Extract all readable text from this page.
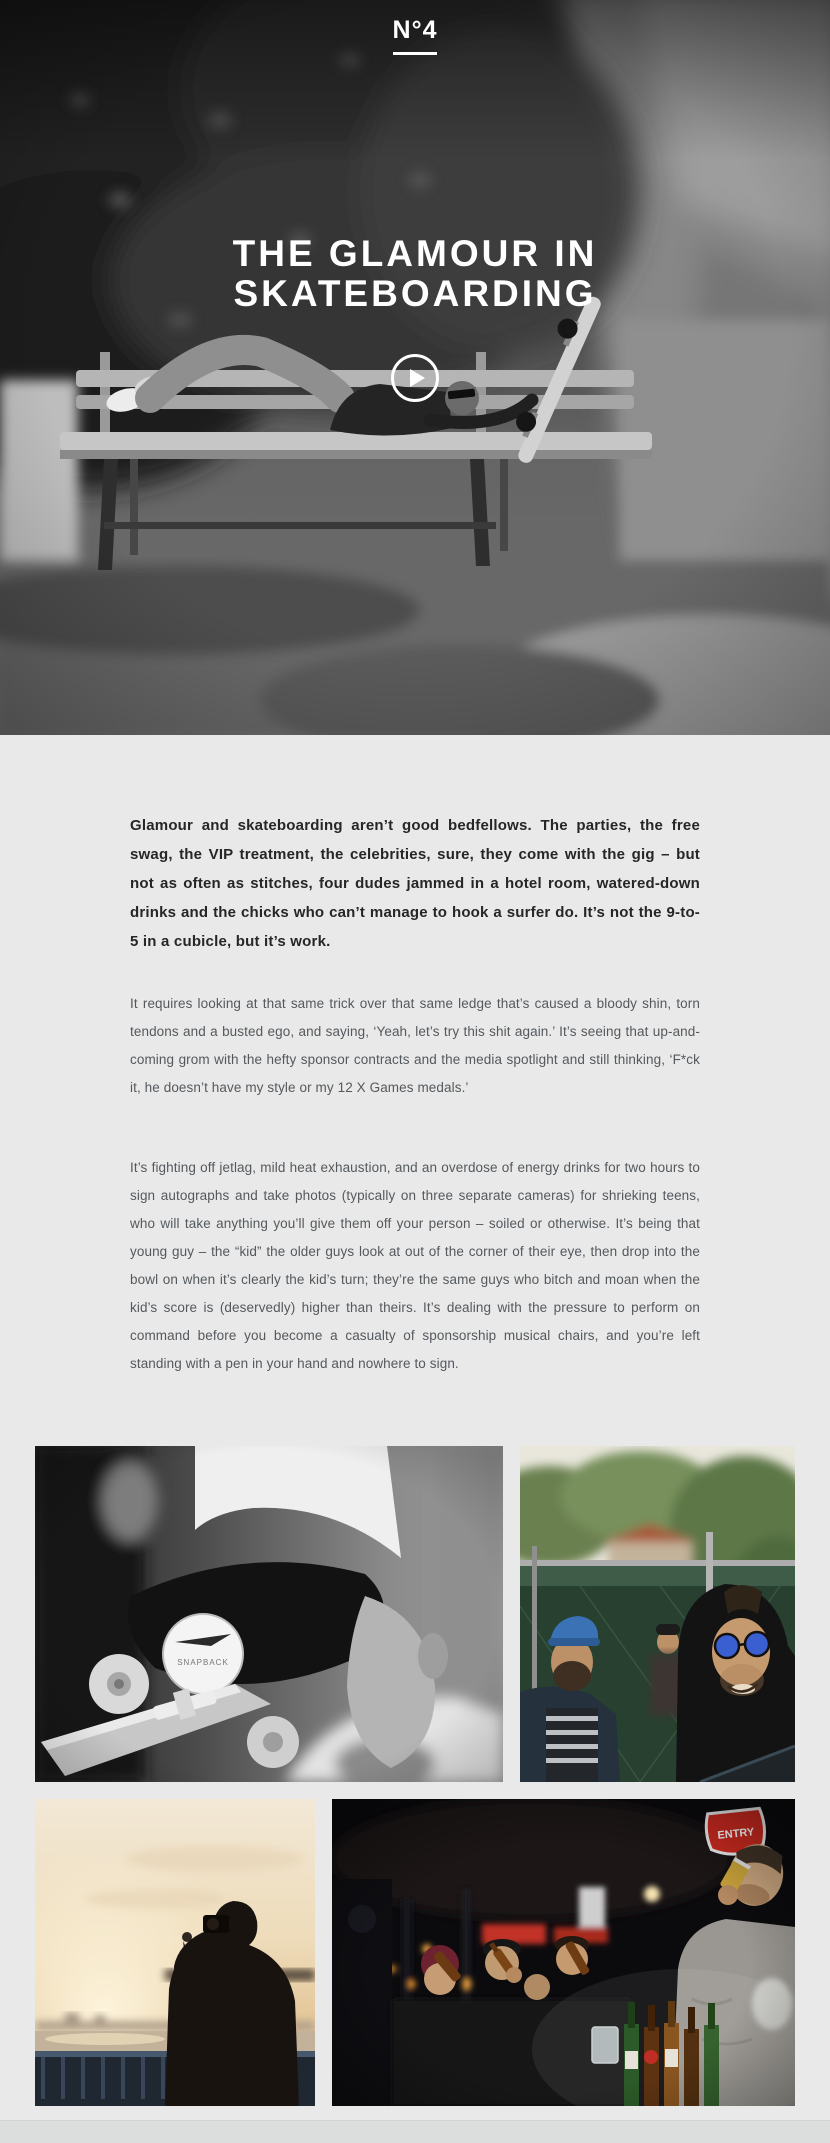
N°4
THE GLAMOUR IN
SKATEBOARDING

Glamour and skateboarding aren’t good bedfellows. The parties, the free swag, the VIP treatment, the celebrities, sure, they come with the gig – but not as often as stitches, four dudes jammed in a hotel room, watered-down drinks and the chicks who can’t manage to hook a surfer do. It’s not the 9-to-5 in a cubicle, but it’s work.

It requires looking at that same trick over that same ledge that’s caused a bloody shin, torn tendons and a busted ego, and saying, ‘Yeah, let’s try this shit again.’ It’s seeing that up-and-coming grom with the hefty sponsor contracts and the media spotlight and still thinking, ‘F*ck it, he doesn’t have my style or my 12 X Games medals.’

It’s fighting off jetlag, mild heat exhaustion, and an overdose of energy drinks for two hours to sign autographs and take photos (typically on three separate cameras) for shrieking teens, who will take anything you’ll give them off your person – soiled or otherwise. It’s being that young guy – the “kid” the older guys look at out of the corner of their eye, then drop into the bowl on when it’s clearly the kid’s turn; they’re the same guys who bitch and moan when the kid’s score is (deservedly) higher than theirs. It’s dealing with the pressure to perform on command before you become a casualty of sponsorship musical chairs, and you’re left standing with a pen in your hand and nowhere to sign.
